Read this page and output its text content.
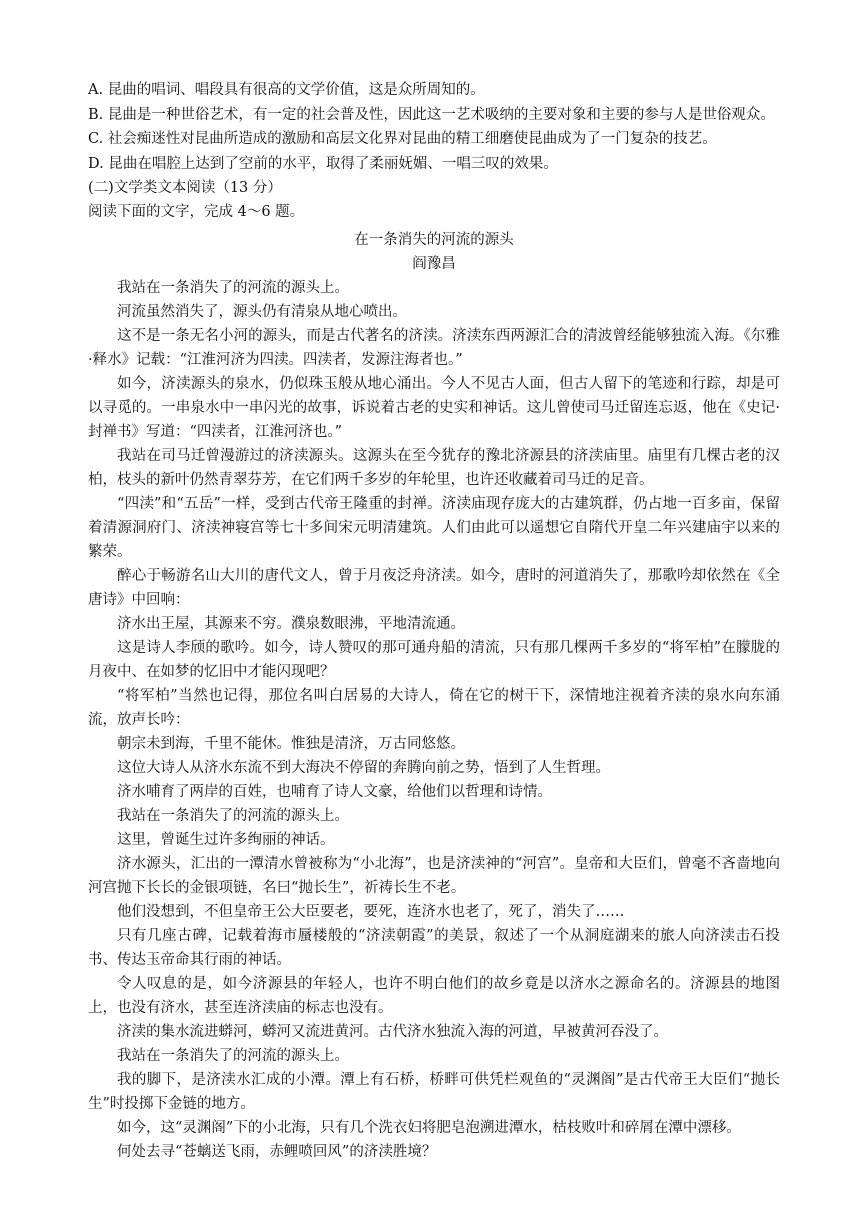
A. 昆曲的唱词、唱段具有很高的文学价值，这是众所周知的。

B. 昆曲是一种世俗艺术，有一定的社会普及性，因此这一艺术吸纳的主要对象和主要的参与人是世俗观众。

C. 社会痴迷性对昆曲所造成的激励和高层文化界对昆曲的精工细磨使昆曲成为了一门复杂的技艺。

D. 昆曲在唱腔上达到了空前的水平，取得了柔丽妩媚、一唱三叹的效果。

(二)文学类文本阅读（13 分）

阅读下面的文字，完成 4～6 题。

在一条消失的河流的源头

阎豫昌

我站在一条消失了的河流的源头上。

河流虽然消失了，源头仍有清泉从地心喷出。

这不是一条无名小河的源头，而是古代著名的济渎。济渎东西两源汇合的清波曾经能够独流入海。《尔雅·释水》记载：“江淮河济为四渎。四渎者，发源注海者也。”

如今，济渎源头的泉水，仍似珠玉般从地心涌出。今人不见古人面，但古人留下的笔迹和行踪，却是可以寻觅的。一串泉水中一串闪光的故事，诉说着古老的史实和神话。这儿曾使司马迁留连忘返，他在《史记·封禅书》写道：“四渎者，江淮河济也。”

我站在司马迁曾漫游过的济渎源头。这源头在至今犹存的豫北济源县的济渎庙里。庙里有几棵古老的汉柏，枝头的新叶仍然青翠芬芳，在它们两千多岁的年轮里，也许还收藏着司马迁的足音。

“四渎”和“五岳”一样，受到古代帝王隆重的封禅。济渎庙现存庞大的古建筑群，仍占地一百多亩，保留着清源洞府门、济渎神寝宫等七十多间宋元明清建筑。人们由此可以遥想它自隋代开皇二年兴建庙宇以来的繁荣。

醉心于畅游名山大川的唐代文人，曾于月夜泛舟济渎。如今，唐时的河道消失了，那歌吟却依然在《全唐诗》中回响：

济水出王屋，其源来不穷。濮泉数眼沸，平地清流通。

这是诗人李颀的歌吟。如今，诗人赞叹的那可通舟船的清流，只有那几棵两千多岁的“将军柏”在朦胧的月夜中、在如梦的忆旧中才能闪现吧？

“将军柏”当然也记得，那位名叫白居易的大诗人，倚在它的树干下，深情地注视着齐渎的泉水向东涌流，放声长吟：

朝宗未到海，千里不能休。惟独是清济，万古同悠悠。

这位大诗人从济水东流不到大海决不停留的奔腾向前之势，悟到了人生哲理。

济水哺育了两岸的百姓，也哺育了诗人文豪，给他们以哲理和诗情。

我站在一条消失了的河流的源头上。

这里，曾诞生过许多绚丽的神话。

济水源头，汇出的一潭清水曾被称为“小北海”，也是济渎神的“河宫”。皇帝和大臣们，曾毫不吝啬地向河宫抛下长长的金银项链，名曰“抛长生”，祈祷长生不老。

他们没想到，不但皇帝王公大臣要老，要死，连济水也老了，死了，消失了……

只有几座古碑，记载着海市蜃楼般的“济渎朝霞”的美景，叙述了一个从洞庭湖来的旅人向济渎击石投书、传达玉帝命其行雨的神话。

令人叹息的是，如今济源县的年轻人，也许不明白他们的故乡竟是以济水之源命名的。济源县的地图上，也没有济水，甚至连济渎庙的标志也没有。

济渎的集水流进蟒河，蟒河又流进黄河。古代济水独流入海的河道，早被黄河吞没了。

我站在一条消失了的河流的源头上。

我的脚下，是济渎水汇成的小潭。潭上有石桥，桥畔可供凭栏观鱼的“灵渊阁”是古代帝王大臣们“抛长生”时投掷下金链的地方。

如今，这“灵渊阁”下的小北海，只有几个洗衣妇将肥皂泡溯进潭水，枯枝败叶和碎屑在潭中漂移。

何处去寻“苍螭送飞雨，赤鲤喷回风”的济渎胜境？
